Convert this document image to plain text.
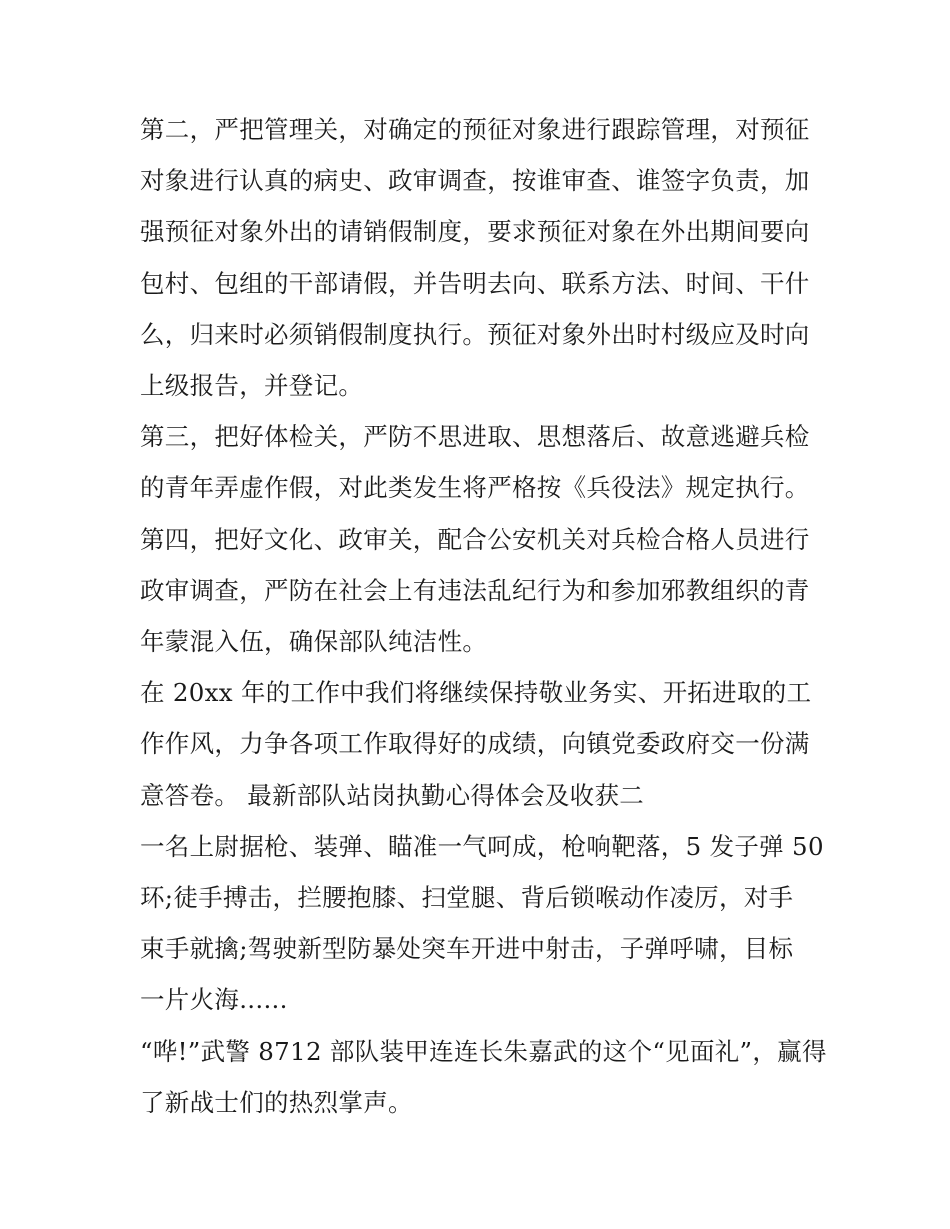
第二，严把管理关，对确定的预征对象进行跟踪管理，对预征
对象进行认真的病史、政审调查，按谁审查、谁签字负责，加
强预征对象外出的请销假制度，要求预征对象在外出期间要向
包村、包组的干部请假，并告明去向、联系方法、时间、干什
么，归来时必须销假制度执行。预征对象外出时村级应及时向
上级报告，并登记。

第三，把好体检关，严防不思进取、思想落后、故意逃避兵检
的青年弄虚作假，对此类发生将严格按《兵役法》规定执行。

第四，把好文化、政审关，配合公安机关对兵检合格人员进行
政审调查，严防在社会上有违法乱纪行为和参加邪教组织的青
年蒙混入伍，确保部队纯洁性。

在 20xx 年的工作中我们将继续保持敬业务实、开拓进取的工
作作风，力争各项工作取得好的成绩，向镇党委政府交一份满
意答卷。 最新部队站岗执勤心得体会及收获二

一名上尉据枪、装弹、瞄准一气呵成，枪响靶落，5 发子弹 50
环;徒手搏击，拦腰抱膝、扫堂腿、背后锁喉动作凌厉，对手
束手就擒;驾驶新型防暴处突车开进中射击，子弹呼啸，目标
一片火海......

“哗!”武警 8712 部队装甲连连长朱嘉武的这个“见面礼”，赢得
了新战士们的热烈掌声。
